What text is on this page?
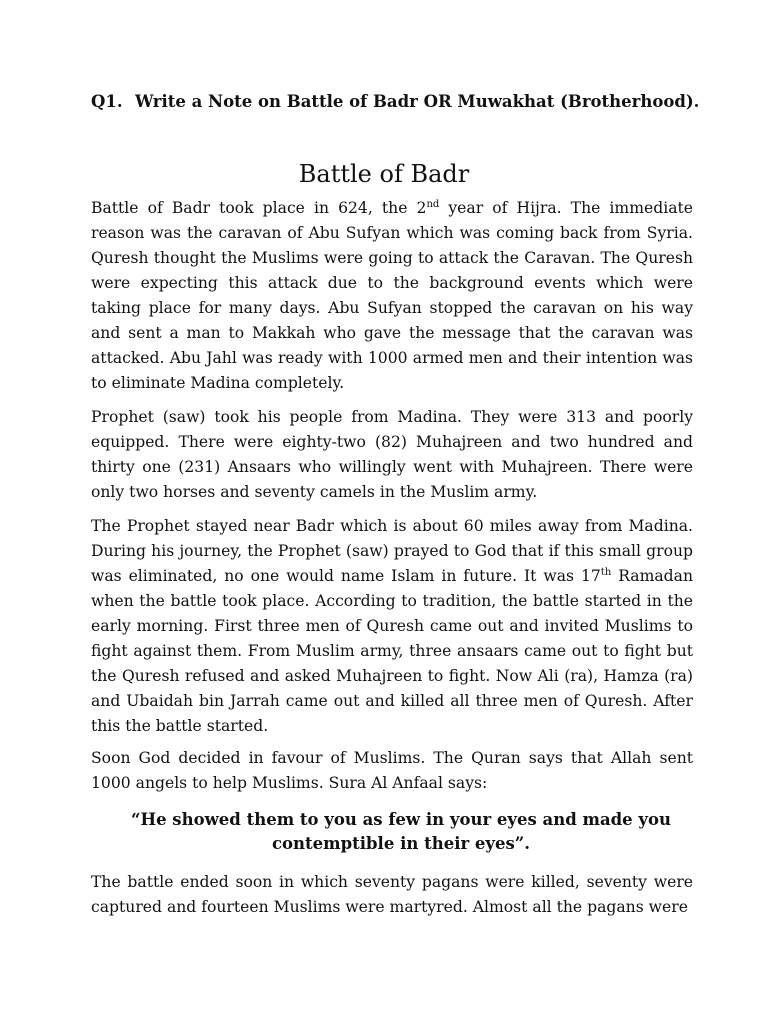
Q1. Write a Note on Battle of Badr OR Muwakhat (Brotherhood).
Battle of Badr

Battle of Badr took place in 624, the 2nd year of Hijra. The immediate reason was the caravan of Abu Sufyan which was coming back from Syria. Quresh thought the Muslims were going to attack the Caravan. The Quresh were expecting this attack due to the background events which were taking place for many days. Abu Sufyan stopped the caravan on his way and sent a man to Makkah who gave the message that the caravan was attacked. Abu Jahl was ready with 1000 armed men and their intention was to eliminate Madina completely.

Prophet (saw) took his people from Madina. They were 313 and poorly equipped. There were eighty-two (82) Muhajreen and two hundred and thirty one (231) Ansaars who willingly went with Muhajreen. There were only two horses and seventy camels in the Muslim army.

The Prophet stayed near Badr which is about 60 miles away from Madina. During his journey, the Prophet (saw) prayed to God that if this small group was eliminated, no one would name Islam in future. It was 17th Ramadan when the battle took place. According to tradition, the battle started in the early morning. First three men of Quresh came out and invited Muslims to fight against them. From Muslim army, three ansaars came out to fight but the Quresh refused and asked Muhajreen to fight. Now Ali (ra), Hamza (ra) and Ubaidah bin Jarrah came out and killed all three men of Quresh. After this the battle started.

Soon God decided in favour of Muslims. The Quran says that Allah sent 1000 angels to help Muslims. Sura Al Anfaal says:

“He showed them to you as few in your eyes and made you contemptible in their eyes”.

The battle ended soon in which seventy pagans were killed, seventy were captured and fourteen Muslims were martyred. Almost all the pagans were
